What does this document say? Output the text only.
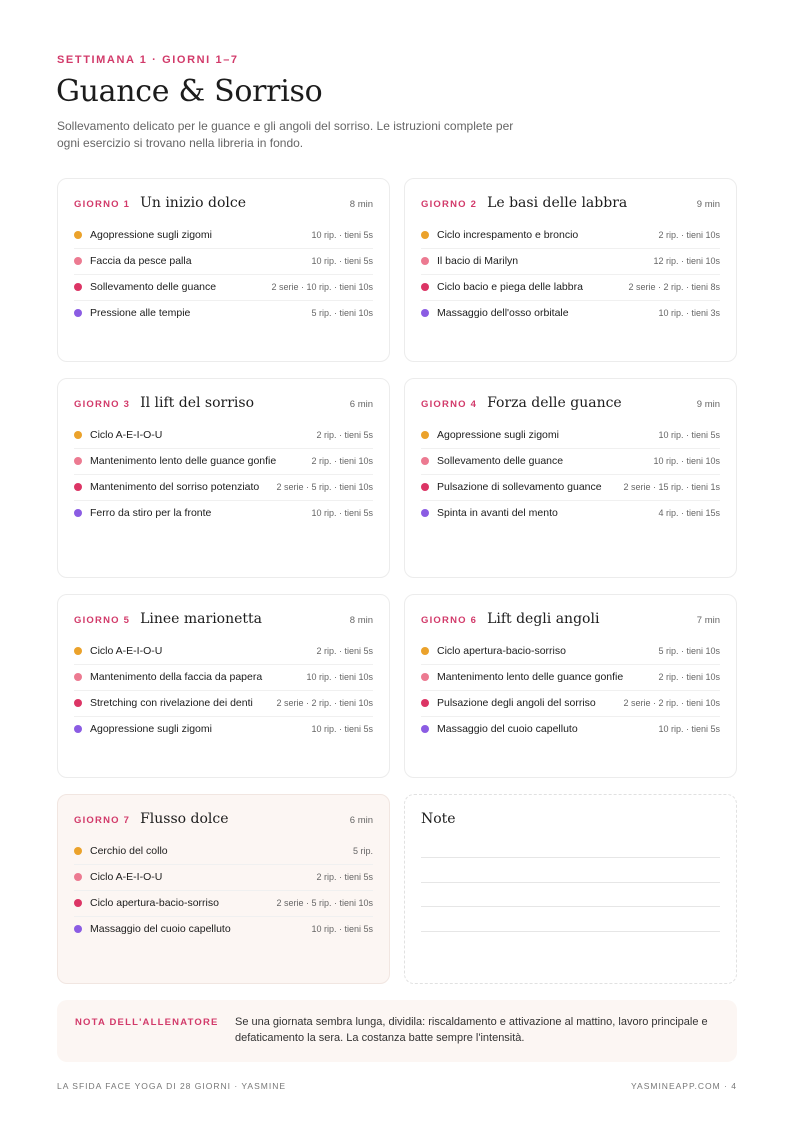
SETTIMANA 1 · GIORNI 1–7
Guance & Sorriso

Sollevamento delicato per le guance e gli angoli del sorriso. Le istruzioni complete per ogni esercizio si trovano nella libreria in fondo.

GIORNO 1 Un inizio dolce	8 min
Agopressione sugli zigomi	10 rip. · tieni 5s
Faccia da pesce palla	10 rip. · tieni 5s
Sollevamento delle guance	2 serie · 10 rip. · tieni 10s
Pressione alle tempie	5 rip. · tieni 10s
GIORNO 2 Le basi delle labbra	9 min
Ciclo increspamento e broncio	2 rip. · tieni 10s
Il bacio di Marilyn	12 rip. · tieni 10s
Ciclo bacio e piega delle labbra	2 serie · 2 rip. · tieni 8s
Massaggio dell'osso orbitale	10 rip. · tieni 3s
GIORNO 3 Il lift del sorriso	6 min
Ciclo A-E-I-O-U	2 rip. · tieni 5s
Mantenimento lento delle guance gonfie	2 rip. · tieni 10s
Mantenimento del sorriso potenziato	2 serie · 5 rip. · tieni 10s
Ferro da stiro per la fronte	10 rip. · tieni 5s
GIORNO 4 Forza delle guance	9 min
Agopressione sugli zigomi	10 rip. · tieni 5s
Sollevamento delle guance	10 rip. · tieni 10s
Pulsazione di sollevamento guance	2 serie · 15 rip. · tieni 1s
Spinta in avanti del mento	4 rip. · tieni 15s
GIORNO 5 Linee marionetta	8 min
Ciclo A-E-I-O-U	2 rip. · tieni 5s
Mantenimento della faccia da papera	10 rip. · tieni 10s
Stretching con rivelazione dei denti	2 serie · 2 rip. · tieni 10s
Agopressione sugli zigomi	10 rip. · tieni 5s
GIORNO 6 Lift degli angoli	7 min
Ciclo apertura-bacio-sorriso	5 rip. · tieni 10s
Mantenimento lento delle guance gonfie	2 rip. · tieni 10s
Pulsazione degli angoli del sorriso	2 serie · 2 rip. · tieni 10s
Massaggio del cuoio capelluto	10 rip. · tieni 5s
GIORNO 7 Flusso dolce	6 min
Cerchio del collo	5 rip.
Ciclo A-E-I-O-U	2 rip. · tieni 5s
Ciclo apertura-bacio-sorriso	2 serie · 5 rip. · tieni 10s
Massaggio del cuoio capelluto	10 rip. · tieni 5s
Note
NOTA DELL'ALLENATORE	Se una giornata sembra lunga, dividila: riscaldamento e attivazione al mattino, lavoro principale e defaticamento la sera. La costanza batte sempre l'intensità.
LA SFIDA FACE YOGA DI 28 GIORNI · YASMINE	YASMINEAPP.COM · 4
